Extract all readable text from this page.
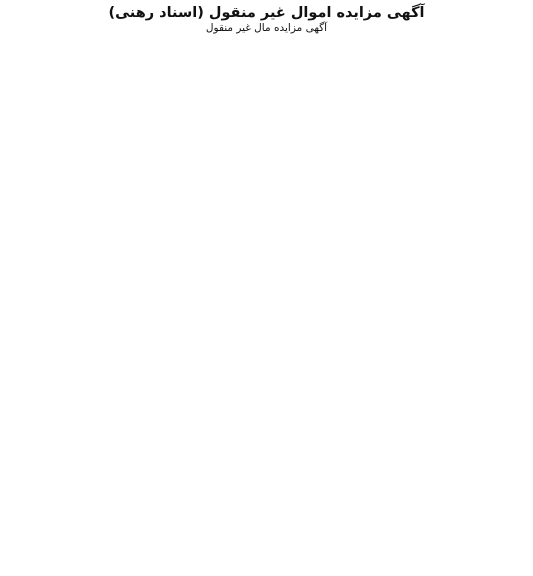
آگهی مزایده اموال غیر منقول (اسناد رهنی)

آگهی مزایده مال غیر منقول
